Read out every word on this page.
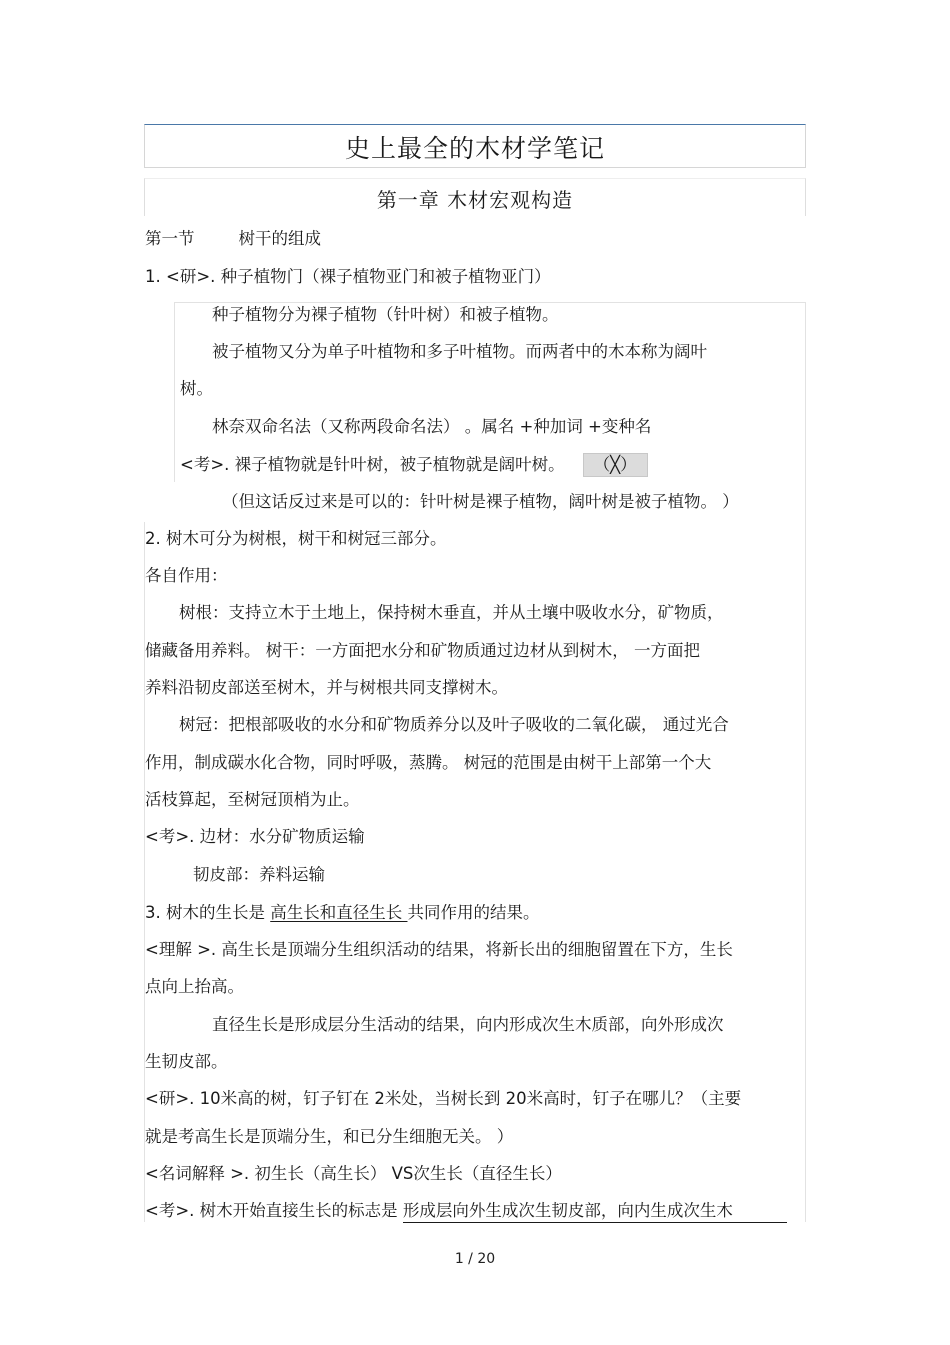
史上最全的木材学笔记
第一章 木材宏观构造
第一节	树干的组成
1. <研>. 种子植物门（裸子植物亚门和被子植物亚门）
种子植物分为裸子植物（针叶树）和被子植物。
被子植物又分为单子叶植物和多子叶植物。而两者中的木本称为阔叶
树。
林奈双命名法（又称两段命名法） 。属名 +种加词 +变种名
<考>. 裸子植物就是针叶树，被子植物就是阔叶树。 （╳）
（但这话反过来是可以的：针叶树是裸子植物，阔叶树是被子植物。 ）
2. 树木可分为树根，树干和树冠三部分。
各自作用：
树根：支持立木于土地上，保持树木垂直，并从土壤中吸收水分，矿物质，
储藏备用养料。 树干：一方面把水分和矿物质通过边材从到树木， 一方面把
养料沿韧皮部送至树木，并与树根共同支撑树木。
树冠：把根部吸收的水分和矿物质养分以及叶子吸收的二氧化碳， 通过光合
作用，制成碳水化合物，同时呼吸，蒸腾。 树冠的范围是由树干上部第一个大
活枝算起，至树冠顶梢为止。
<考>. 边材：水分矿物质运输
韧皮部：养料运输
3. 树木的生长是 高生长和直径生长 共同作用的结果。
<理解 >. 高生长是顶端分生组织活动的结果，将新长出的细胞留置在下方，生长
点向上抬高。
直径生长是形成层分生活动的结果，向内形成次生木质部，向外形成次
生韧皮部。
<研>. 10米高的树，钉子钉在 2米处，当树长到 20米高时，钉子在哪儿？（主要
就是考高生长是顶端分生，和已分生细胞无关。 ）
<名词解释 >. 初生长（高生长） VS次生长（直径生长）
<考>. 树木开始直接生长的标志是 形成层向外生成次生韧皮部，向内生成次生木
1 / 20
